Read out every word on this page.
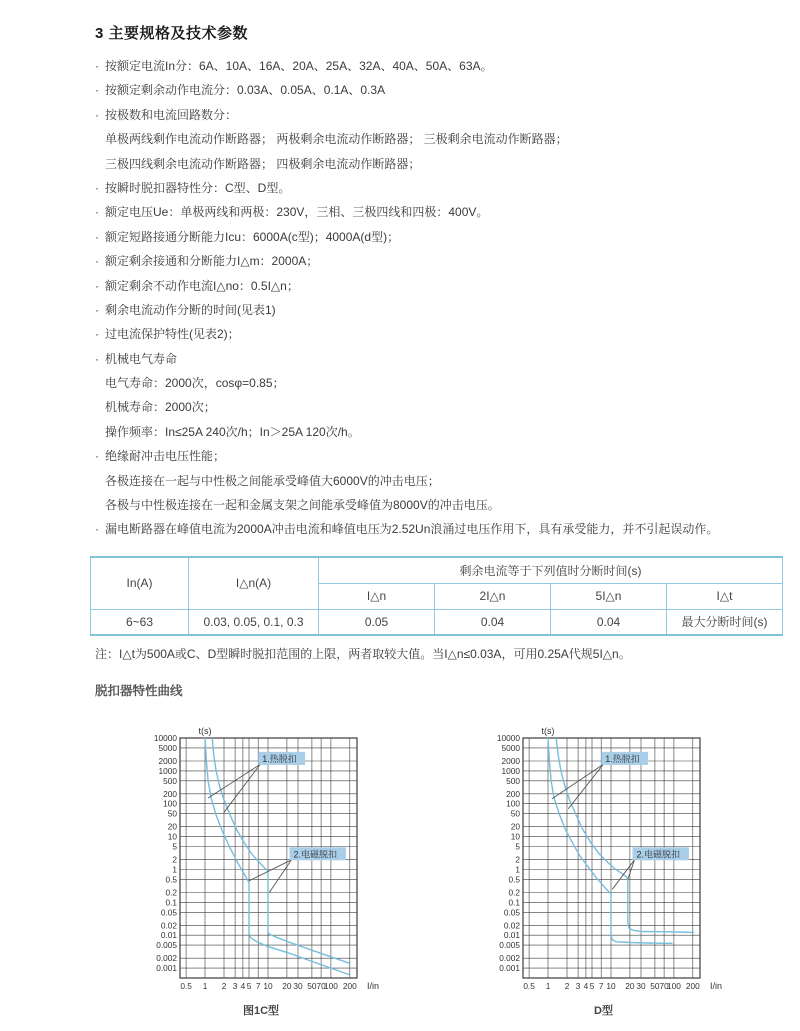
3 主要规格及技术参数
· 按额定电流In分：6A、10A、16A、20A、25A、32A、40A、50A、63A。
· 按额定剩余动作电流分：0.03A、0.05A、0.1A、0.3A
· 按极数和电流回路数分：
单极两线剩作电流动作断路器； 两极剩余电流动作断路器； 三极剩余电流动作断路器；
三极四线剩余电流动作断路器； 四极剩余电流动作断路器；
· 按瞬时脱扣器特性分：C型、D型。
· 额定电压Ue：单极两线和两极：230V，三相、三极四线和四极：400V。
· 额定短路接通分断能力Icu：6000A(c型)；4000A(d型)；
· 额定剩余接通和分断能力I△m：2000A；
· 额定剩余不动作电流I△no：0.5I△n；
· 剩余电流动作分断的时间(见表1)
· 过电流保护特性(见表2)；
· 机械电气寿命
电气寿命：2000次，cosφ=0.85；
机械寿命：2000次；
操作频率：In≤25A 240次/h；In＞25A 120次/h。
· 绝缘耐冲击电压性能；
各极连接在一起与中性极之间能承受峰值大6000V的冲击电压；
各极与中性极连接在一起和金属支架之间能承受峰值为8000V的冲击电压。
· 漏电断路器在峰值电流为2000A冲击电流和峰值电压为2.52Un浪涌过电压作用下，具有承受能力，并不引起误动作。
In(A)	I△n(A)	剩余电流等于下列值时分断时间(s)			
		I△n	2I△n	5I△n	I△t
6~63	0.03, 0.05, 0.1, 0.3	0.05	0.04	0.04	最大分断时间(s)
注：I△t为500A或C、D型瞬时脱扣范围的上限，两者取较大值。当I△n≤0.03A，可用0.25A代规5I△n。
脱扣器特性曲线
1.热脱扣
2.电磁脱扣
10000
5000
2000
1000
500
200
100
50
20
10
5
2
1
0.5
0.2
0.1
0.05
0.02
0.01
0.005
0.002
0.001
0.5 1 2 3 4 5 7 10 20 30 50 70
100 200
t(s)
I/in
1.热脱扣
2.电磁脱扣
10000
5000
2000
1000
500
200
100
50
20
10
5
2
1
0.5
0.2
0.1
0.05
0.02
0.01
0.005
0.002
0.001
0.5 1 2 3 4 5 7 10 20 30 50 70
100 200
t(s)
I/in
图1C型	D型
